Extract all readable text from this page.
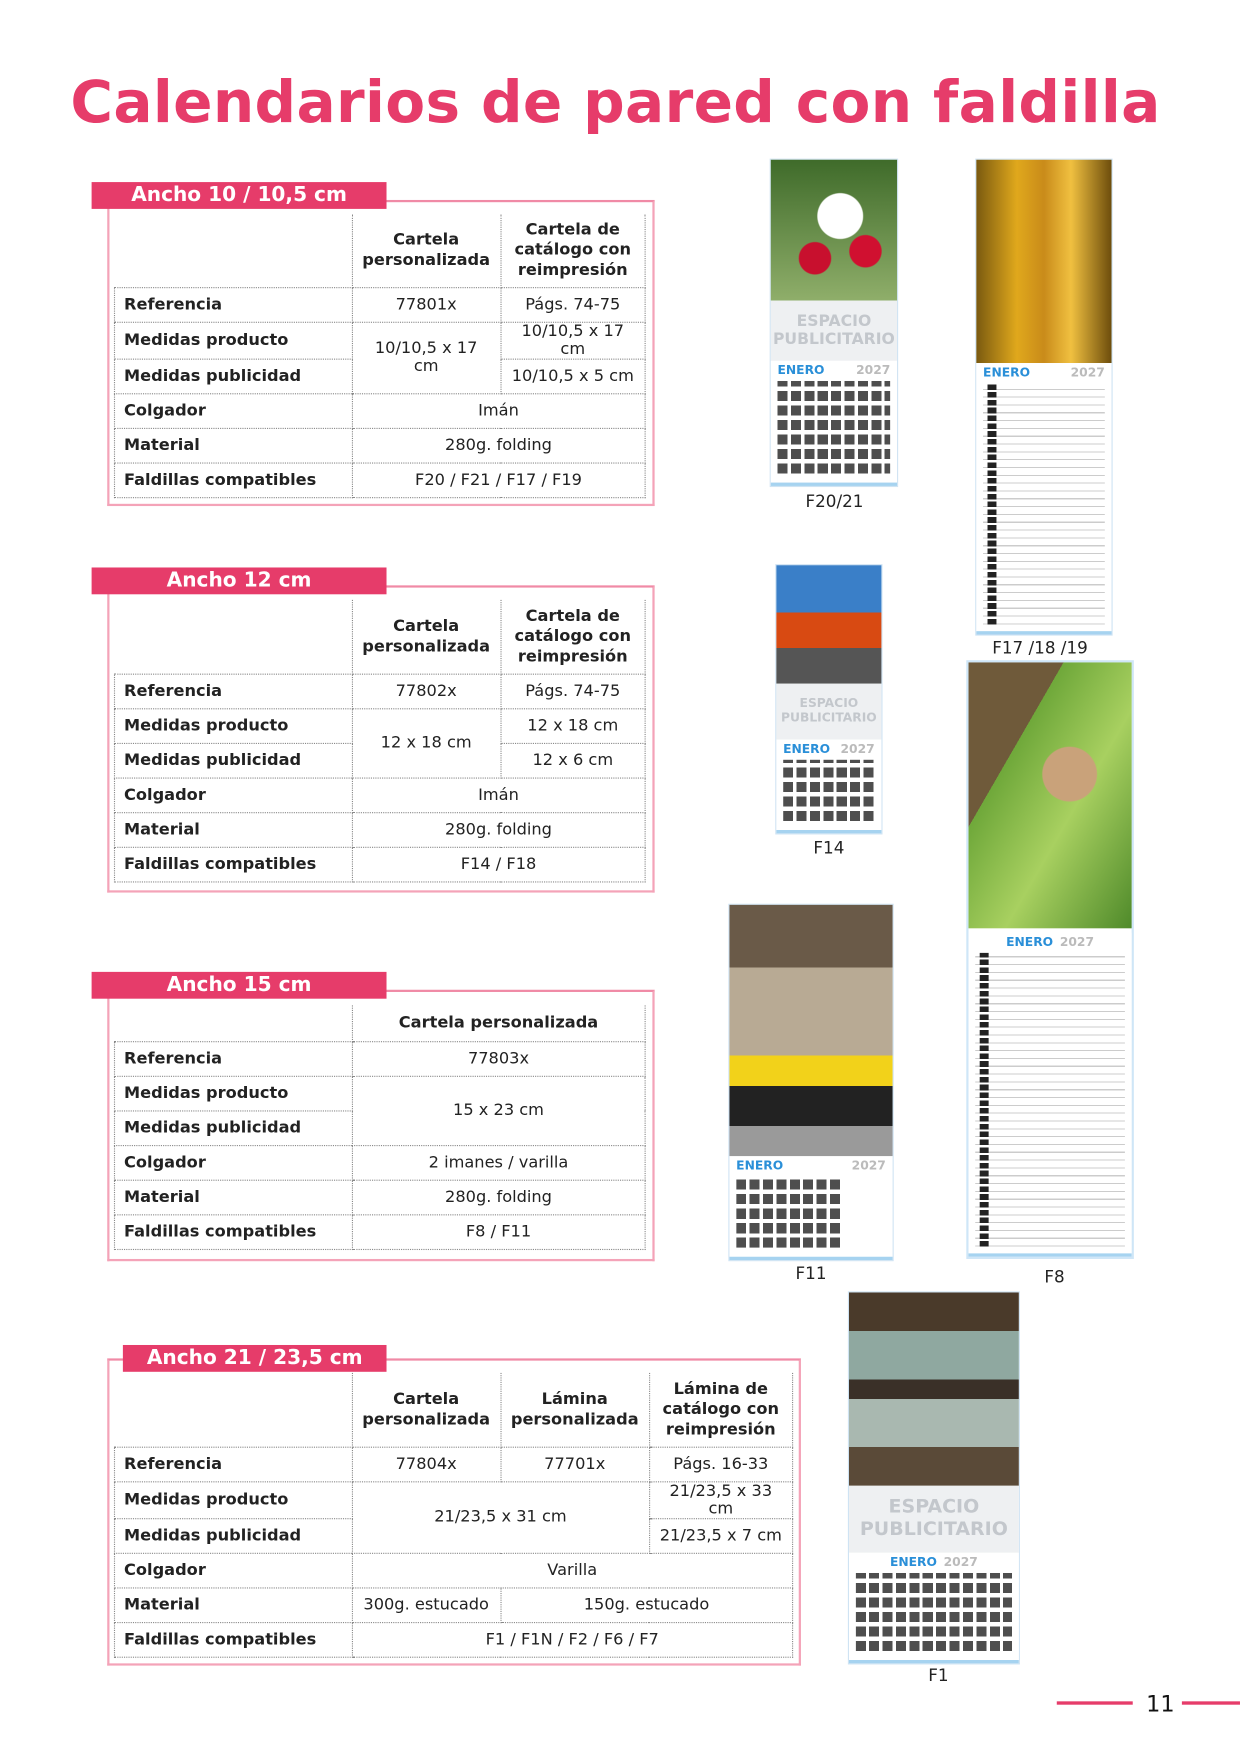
Calendarios de pared con faldilla
Ancho 10 / 10,5 cm
	Cartela personalizada	Cartela de catálogo con reimpresión
Referencia	77801x	Págs. 74-75
Medidas producto	10/10,5 x 17 cm	10/10,5 x 17 cm
Medidas publicidad		10/10,5 x 5 cm
Colgador	Imán	
Material	280g. folding	
Faldillas compatibles	F20 / F21 / F17 / F19	
Ancho 12 cm
	Cartela personalizada	Cartela de catálogo con reimpresión
Referencia	77802x	Págs. 74-75
Medidas producto	12 x 18 cm	12 x 18 cm
Medidas publicidad		12 x 6 cm
Colgador	Imán	
Material	280g. folding	
Faldillas compatibles	F14 / F18	
Ancho 15 cm
	Cartela personalizada
Referencia	77803x
Medidas producto	15 x 23 cm
Medidas publicidad	
Colgador	2 imanes / varilla
Material	280g. folding
Faldillas compatibles	F8 / F11
Ancho 21 / 23,5 cm
	Cartela personalizada	Lámina personalizada	Lámina de catálogo con reimpresión
Referencia	77804x	77701x	Págs. 16-33
Medidas producto	21/23,5 x 31 cm		21/23,5 x 33 cm
Medidas publicidad			21/23,5 x 7 cm
Colgador	Varilla		
Material	300g. estucado	150g. estucado	
Faldillas compatibles	F1 / F1N / F2 / F6 / F7		
ESPACIO PUBLICITARIO
ENERO	2027
F20/21
ENERO	2027
F17 /18 /19
ESPACIO PUBLICITARIO
ENERO 2027
F14
ENERO 2027
F8
ENERO	2027
F11
ESPACIO PUBLICITARIO
ENERO 2027
F1
11
